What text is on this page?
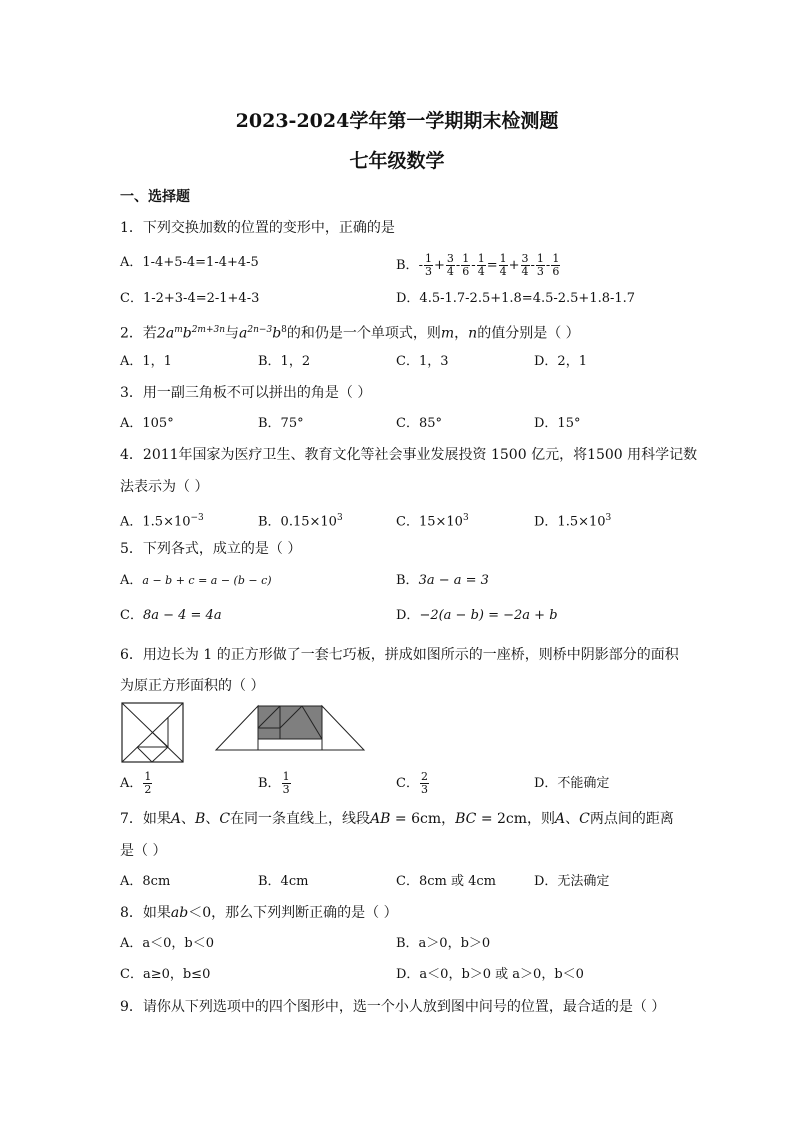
2023-2024学年第一学期期末检测题
七年级数学
一、选择题
1．下列交换加数的位置的变形中，正确的是
A．1-4+5-4=1-4+4-5	B．- $\frac{1}{3} + \frac{3}{4} - \frac{1}{6} - \frac{1}{4} = \frac{1}{4} + \frac{3}{4} - \frac{1}{3} - \frac{1}{6}$
C．1-2+3-4=2-1+4-3	D．4.5-1.7-2.5+1.8=4.5-2.5+1.8-1.7
2．若$2a^mb^{2m+3n}$与$a^{2n-3}b^8$的和仍是一个单项式，则m，n的值分别是（ ）
A．1，1	B．1，2	C．1，3	D．2，1
3．用一副三角板不可以拼出的角是（ ）
A．105°	B．75°	C．85°	D．15°
4．2011年国家为医疗卫生、教育文化等社会事业发展投资 1500 亿元，将1500 用科学记数
法表示为（ ）
A．$1.5\times 10^{-3}$	B．$0.15\times 10^3$	C．$15\times 10^3$	D．$1.5\times 10^3$
5．下列各式，成立的是（ ）
A．a − b + c = a − (b − c)	B．3a − a = 3
C．8a − 4 = 4a	D．−2(a − b) = −2a + b
6．用边长为 1 的正方形做了一套七巧板，拼成如图所示的一座桥，则桥中阴影部分的面积
为原正方形面积的（ ）
A． $\frac{1}{2}$	B． $\frac{1}{3}$	C． $\frac{2}{3}$	D．不能确定
7．如果A、B、C在同一条直线上，线段AB = 6cm，BC = 2cm，则A、C两点间的距离
是（ ）
A．8cm	B．4cm	C．8cm 或 4cm	D．无法确定
8．如果ab＜0，那么下列判断正确的是（ ）
A．a＜0，b＜0	B．a＞0，b＞0
C．a≥0，b≤0	D．a＜0，b＞0 或 a＞0，b＜0
9．请你从下列选项中的四个图形中，选一个小人放到图中问号的位置，最合适的是（ ）
